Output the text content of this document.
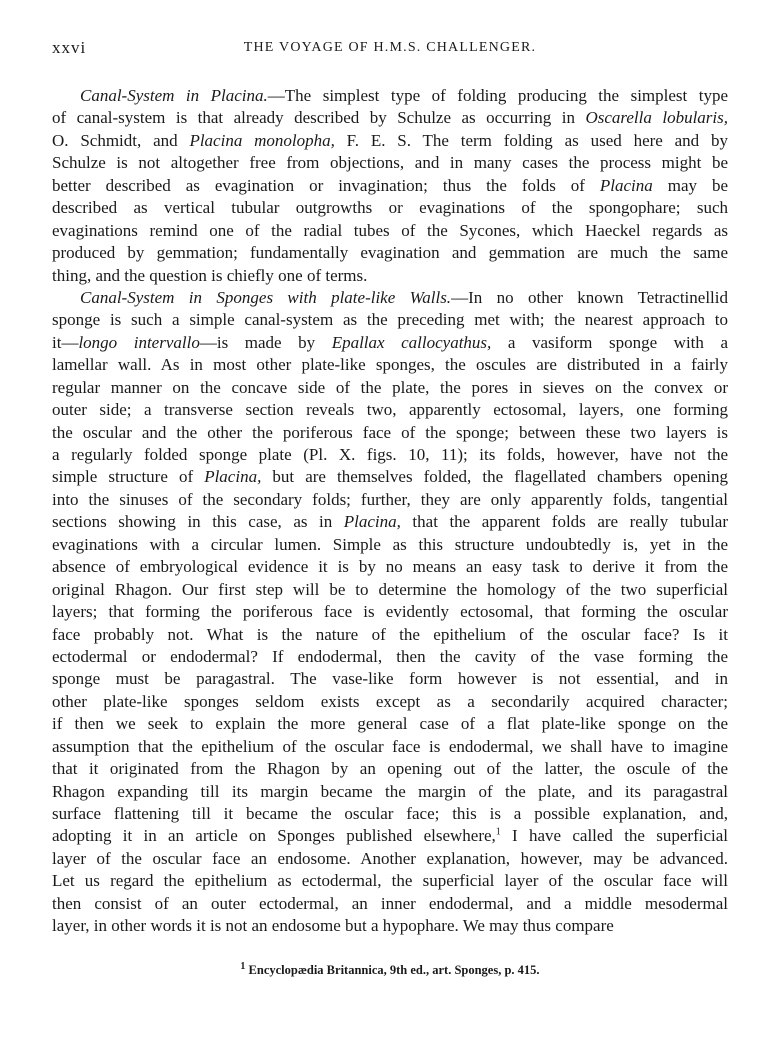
xxvi	THE VOYAGE OF H.M.S. CHALLENGER.
Canal-System in Placina.—The simplest type of folding producing the simplest type
of canal-system is that already described by Schulze as occurring in Oscarella lobularis,
O. Schmidt, and Placina monolopha, F. E. S. The term folding as used here and by
Schulze is not altogether free from objections, and in many cases the process might be
better described as evagination or invagination; thus the folds of Placina may be
described as vertical tubular outgrowths or evaginations of the spongophare; such
evaginations remind one of the radial tubes of the Sycones, which Haeckel regards as
produced by gemmation; fundamentally evagination and gemmation are much the same
thing, and the question is chiefly one of terms.
Canal-System in Sponges with plate-like Walls.—In no other known Tetractinellid
sponge is such a simple canal-system as the preceding met with; the nearest approach to
it—longo intervallo—is made by Epallax callocyathus, a vasiform sponge with a
lamellar wall. As in most other plate-like sponges, the oscules are distributed in a fairly
regular manner on the concave side of the plate, the pores in sieves on the convex or
outer side; a transverse section reveals two, apparently ectosomal, layers, one forming
the oscular and the other the poriferous face of the sponge; between these two layers is
a regularly folded sponge plate (Pl. X. figs. 10, 11); its folds, however, have not the
simple structure of Placina, but are themselves folded, the flagellated chambers opening
into the sinuses of the secondary folds; further, they are only apparently folds, tangential
sections showing in this case, as in Placina, that the apparent folds are really tubular
evaginations with a circular lumen. Simple as this structure undoubtedly is, yet in the
absence of embryological evidence it is by no means an easy task to derive it from the
original Rhagon. Our first step will be to determine the homology of the two superficial
layers; that forming the poriferous face is evidently ectosomal, that forming the oscular
face probably not. What is the nature of the epithelium of the oscular face? Is it
ectodermal or endodermal? If endodermal, then the cavity of the vase forming the
sponge must be paragastral. The vase-like form however is not essential, and in
other plate-like sponges seldom exists except as a secondarily acquired character;
if then we seek to explain the more general case of a flat plate-like sponge on the
assumption that the epithelium of the oscular face is endodermal, we shall have to imagine
that it originated from the Rhagon by an opening out of the latter, the oscule of the
Rhagon expanding till its margin became the margin of the plate, and its paragastral
surface flattening till it became the oscular face; this is a possible explanation, and,
adopting it in an article on Sponges published elsewhere,$^1$ I have called the superficial
layer of the oscular face an endosome. Another explanation, however, may be advanced.
Let us regard the epithelium as ectodermal, the superficial layer of the oscular face will
then consist of an outer ectodermal, an inner endodermal, and a middle mesodermal
layer, in other words it is not an endosome but a hypophare. We may thus compare
$^1$ Encyclopædia Britannica, 9th ed., art. Sponges, p. 415.
